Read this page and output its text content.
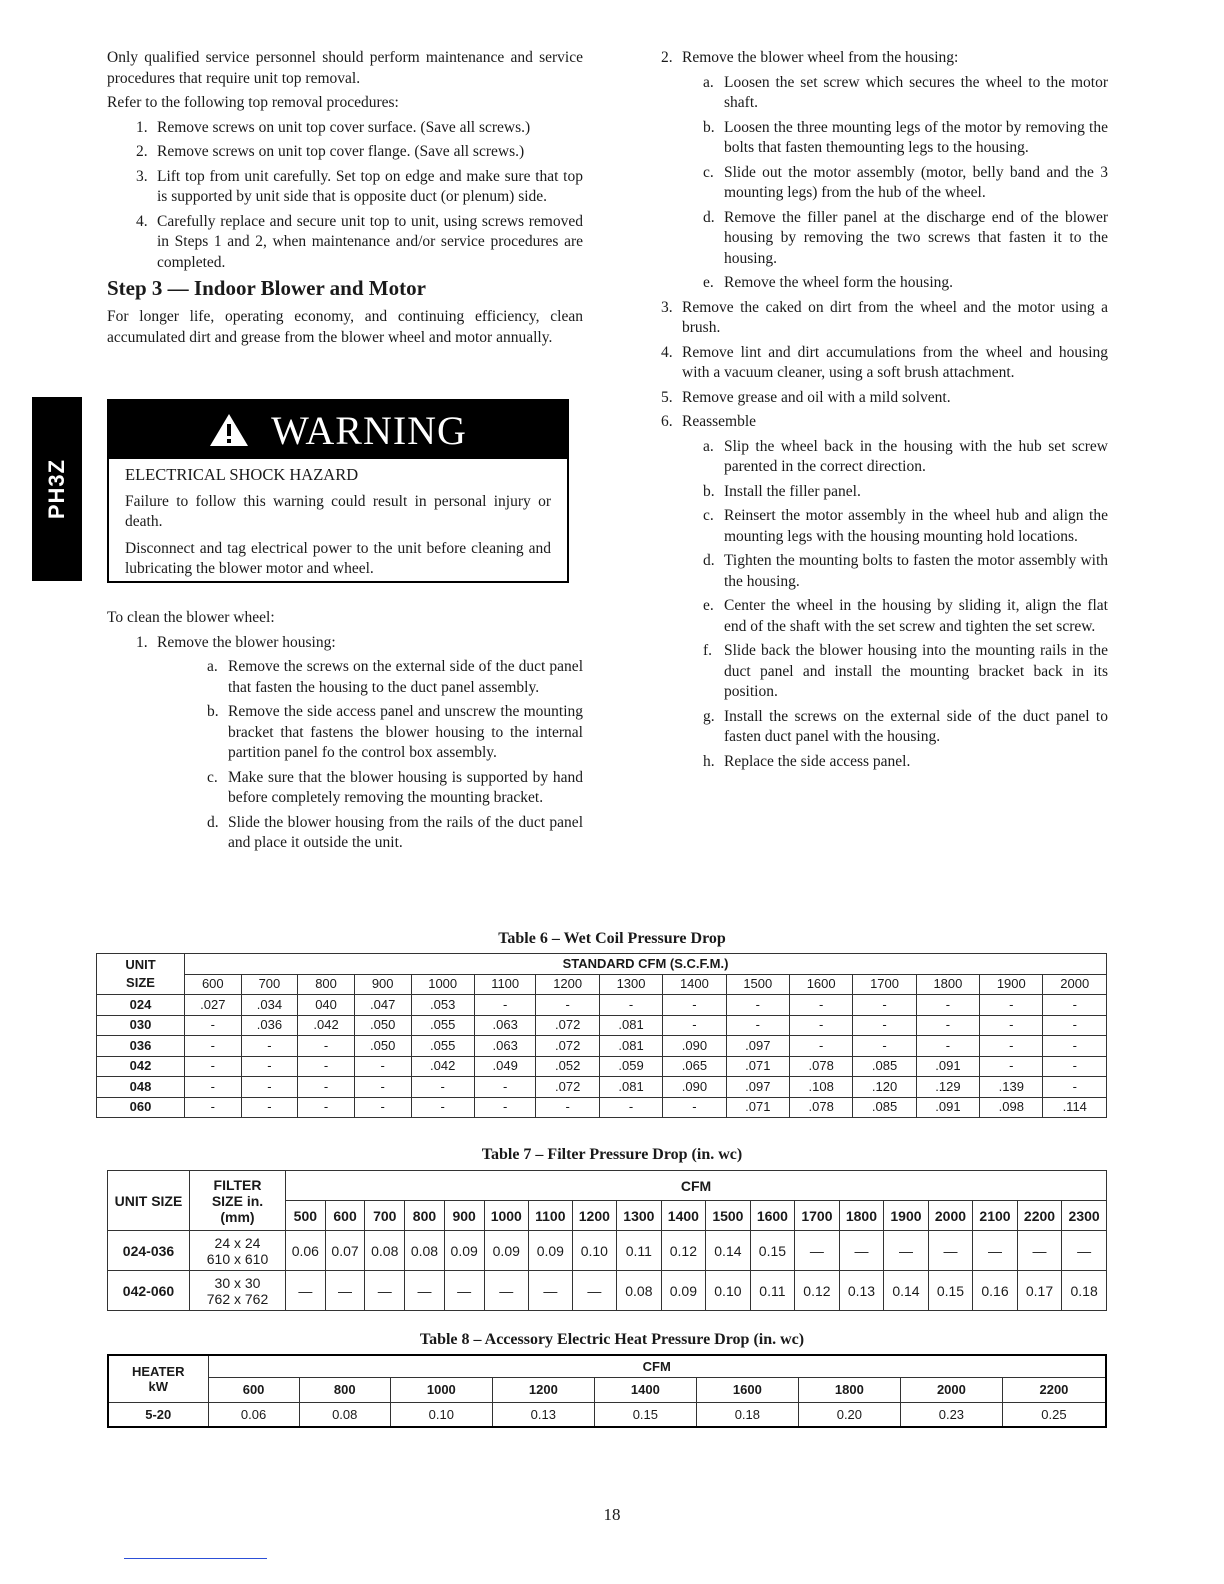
PH3Z

Only qualified service personnel should perform maintenance and service procedures that require unit top removal.

Refer to the following top removal procedures:

1. Remove screws on unit top cover surface. (Save all screws.)
2. Remove screws on unit top cover flange. (Save all screws.)
3. Lift top from unit carefully. Set top on edge and make sure that top is supported by unit side that is opposite duct (or plenum) side.
4. Carefully replace and secure unit top to unit, using screws removed in Steps 1 and 2, when maintenance and/or service procedures are completed.
Step 3 — Indoor Blower and Motor

For longer life, operating economy, and continuing efficiency, clean accumulated dirt and grease from the blower wheel and motor annually.

WARNING

ELECTRICAL SHOCK HAZARD

Failure to follow this warning could result in personal injury or death.

Disconnect and tag electrical power to the unit before cleaning and lubricating the blower motor and wheel.

To clean the blower wheel:

1. Remove the blower housing:
a. Remove the screws on the external side of the duct panel that fasten the housing to the duct panel assembly.
b. Remove the side access panel and unscrew the mounting bracket that fastens the blower housing to the internal partition panel fo the control box assembly.
c. Make sure that the blower housing is supported by hand before completely removing the mounting bracket.
d. Slide the blower housing from the rails of the duct panel and place it outside the unit.
2. Remove the blower wheel from the housing:
a. Loosen the set screw which secures the wheel to the motor shaft.
b. Loosen the three mounting legs of the motor by removing the bolts that fasten themounting legs to the housing.
c. Slide out the motor assembly (motor, belly band and the 3 mounting legs) from the hub of the wheel.
d. Remove the filler panel at the discharge end of the blower housing by removing the two screws that fasten it to the housing.
e. Remove the wheel form the housing.
3. Remove the caked on dirt from the wheel and the motor using a brush.
4. Remove lint and dirt accumulations from the wheel and housing with a vacuum cleaner, using a soft brush attachment.
5. Remove grease and oil with a mild solvent.
6. Reassemble
a. Slip the wheel back in the housing with the hub set screw parented in the correct direction.
b. Install the filler panel.
c. Reinsert the motor assembly in the wheel hub and align the mounting legs with the housing mounting hold locations.
d. Tighten the mounting bolts to fasten the motor assembly with the housing.
e. Center the wheel in the housing by sliding it, align the flat end of the shaft with the set screw and tighten the set screw.
f. Slide back the blower housing into the mounting rails in the duct panel and install the mounting bracket back in its position.
g. Install the screws on the external side of the duct panel to fasten duct panel with the housing.
h. Replace the side access panel.
Table 6 – Wet Coil Pressure Drop
UNIT
SIZE	STANDARD CFM (S.C.F.M.)														
	600	700	800	900	1000	1100	1200	1300	1400	1500	1600	1700	1800	1900	2000
024	.027	.034	040	.047	.053	-	-	-	-	-	-	-	-	-	-
030	-	.036	.042	.050	.055	.063	.072	.081	-	-	-	-	-	-	-
036	-	-	-	.050	.055	.063	.072	.081	.090	.097	-	-	-	-	-
042	-	-	-	-	.042	.049	.052	.059	.065	.071	.078	.085	.091	-	-
048	-	-	-	-	-	-	.072	.081	.090	.097	.108	.120	.129	.139	-
060	-	-	-	-	-	-	-	-	-	.071	.078	.085	.091	.098	.114
Table 7 – Filter Pressure Drop (in. wc)
UNIT SIZE	FILTER
SIZE in.
(mm)	CFM																		
		500	600	700	800	900	1000	1100	1200	1300	1400	1500	1600	1700	1800	1900	2000	2100	2200	2300
024-036	24 x 24
610 x 610	0.06	0.07	0.08	0.08	0.09	0.09	0.09	0.10	0.11	0.12	0.14	0.15	—	—	—	—	—	—	—
042-060	30 x 30
762 x 762	—	—	—	—	—	—	—	—	0.08	0.09	0.10	0.11	0.12	0.13	0.14	0.15	0.16	0.17	0.18
Table 8 – Accessory Electric Heat Pressure Drop (in. wc)
HEATER
kW	CFM								
	600	800	1000	1200	1400	1600	1800	2000	2200
5-20	0.06	0.08	0.10	0.13	0.15	0.18	0.20	0.23	0.25
18
